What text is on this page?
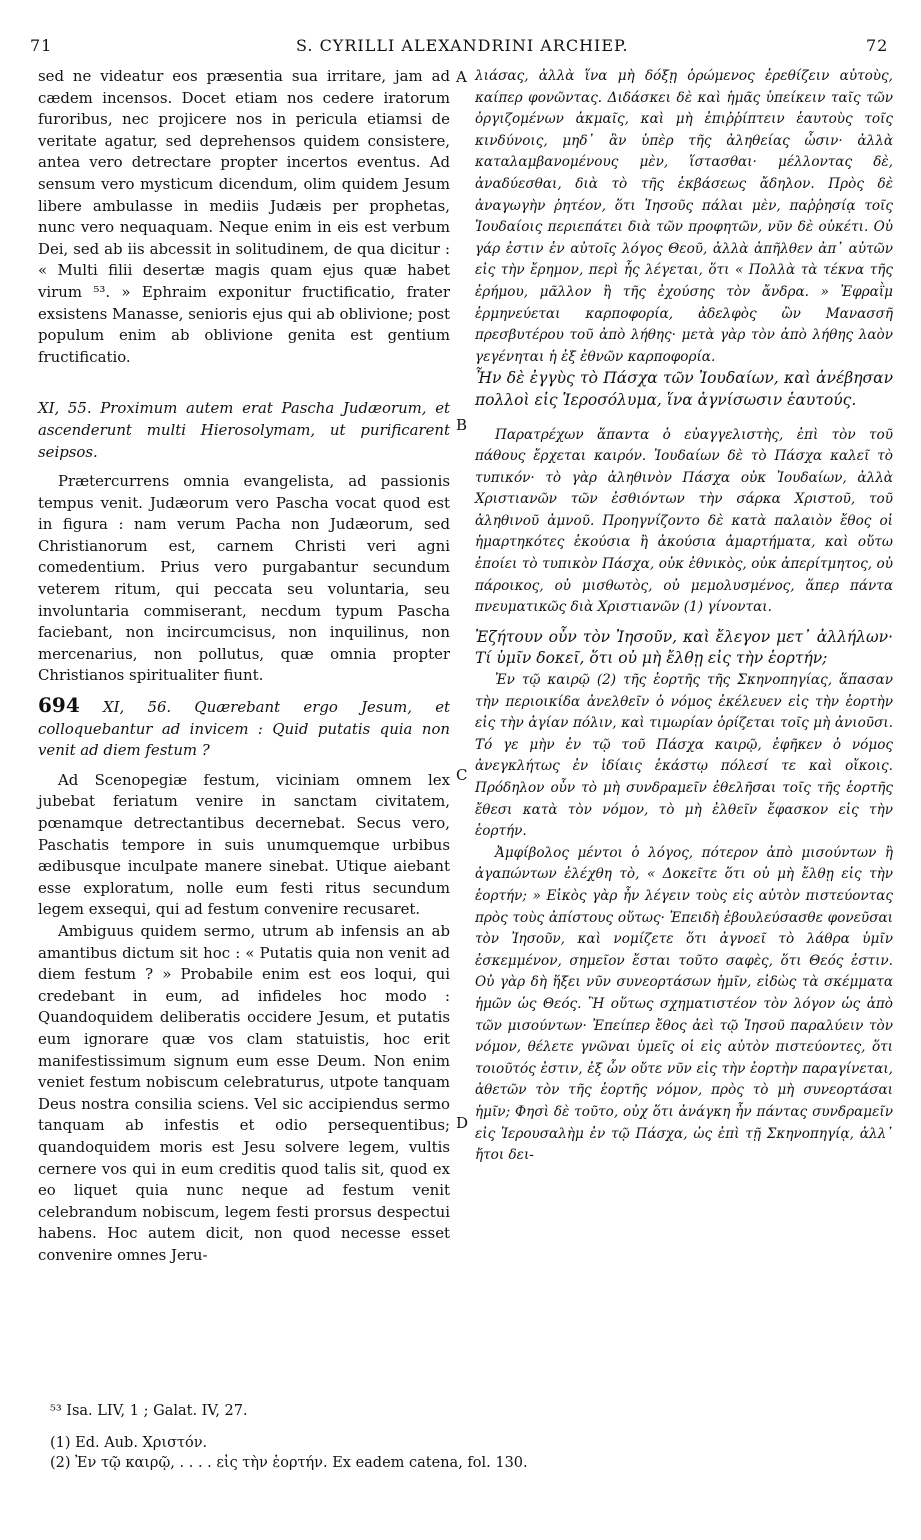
71	S. CYRILLI ALEXANDRINI ARCHIEP.	72

sed ne videatur eos præsentia sua irritare, jam ad cædem incensos. Docet etiam nos cedere iratorum furoribus, nec projicere nos in pericula etiamsi de veritate agatur, sed deprehensos quidem consistere, antea vero detrectare propter incertos eventus. Ad sensum vero mysticum dicendum, olim quidem Jesum libere ambulasse in mediis Judæis per prophetas, nunc vero nequaquam. Neque enim in eis est verbum Dei, sed ab iis abcessit in solitudinem, de qua dicitur : « Multi filii desertæ magis quam ejus quæ habet virum ⁵³. » Ephraim exponitur fructificatio, frater exsistens Manasse, senioris ejus qui ab oblivione; post populum enim ab oblivione genita est gentium fructificatio.

XI, 55. Proximum autem erat Pascha Judæorum, et ascenderunt multi Hierosolymam, ut purificarent seipsos.

Prætercurrens omnia evangelista, ad passionis tempus venit. Judæorum vero Pascha vocat quod est in figura : nam verum Pacha non Judæorum, sed Christianorum est, carnem Christi veri agni comedentium. Prius vero purgabantur secundum veterem ritum, qui peccata seu voluntaria, seu involuntaria commiserant, necdum typum Pascha faciebant, non incircumcisus, non inquilinus, non mercenarius, non pollutus, quæ omnia propter Christianos spiritualiter fiunt.

694 XI, 56. Quærebant ergo Jesum, et colloquebantur ad invicem : Quid putatis quia non venit ad diem festum ?

Ad Scenopegiæ festum, viciniam omnem lex jubebat feriatum venire in sanctam civitatem, pœnamque detrectantibus decernebat. Secus vero, Paschatis tempore in suis unumquemque urbibus ædibusque inculpate manere sinebat. Utique aiebant esse exploratum, nolle eum festi ritus secundum legem exsequi, qui ad festum convenire recusaret.

Ambiguus quidem sermo, utrum ab infensis an ab amantibus dictum sit hoc : « Putatis quia non venit ad diem festum ? » Probabile enim est eos loqui, qui credebant in eum, ad infideles hoc modo : Quandoquidem deliberatis occidere Jesum, et putatis eum ignorare quæ vos clam statuistis, hoc erit manifestissimum signum eum esse Deum. Non enim veniet festum nobiscum celebraturus, utpote tanquam Deus nostra consilia sciens. Vel sic accipiendus sermo tanquam ab infestis et odio persequentibus; quandoquidem moris est Jesu solvere legem, vultis cernere vos qui in eum creditis quod talis sit, quod ex eo liquet quia nunc neque ad festum venit celebrandum nobiscum, legem festi prorsus despectui habens. Hoc autem dicit, non quod necesse esset convenire omnes Jeru-

A
B
C
D

λιάσας, ἀλλὰ ἵνα μὴ δόξῃ ὁρώμενος ἐρεθίζειν αὐτοὺς, καίπερ φονῶντας. Διδάσκει δὲ καὶ ἡμᾶς ὑπείκειν ταῖς τῶν ὀργιζομένων ἀκμαῖς, καὶ μὴ ἐπιῤῥίπτειν ἑαυτοὺς τοῖς κινδύνοις, μηδ᾽ ἂν ὑπὲρ τῆς ἀληθείας ὦσιν· ἀλλὰ καταλαμβανομένους μὲν, ἵστασθαι· μέλλοντας δὲ, ἀναδύεσθαι, διὰ τὸ τῆς ἐκβάσεως ἄδηλον. Πρὸς δὲ ἀναγωγὴν ῥητέον, ὅτι Ἰησοῦς πάλαι μὲν, παῤῥησίᾳ τοῖς Ἰουδαίοις περιεπάτει διὰ τῶν προφητῶν, νῦν δὲ οὐκέτι. Οὐ γάρ ἐστιν ἐν αὐτοῖς λόγος Θεοῦ, ἀλλὰ ἀπῆλθεν ἀπ᾽ αὐτῶν εἰς τὴν ἔρημον, περὶ ἧς λέγεται, ὅτι « Πολλὰ τὰ τέκνα τῆς ἐρήμου, μᾶλλον ἢ τῆς ἐχούσης τὸν ἄνδρα. » Ἐφραῒμ ἑρμηνεύεται καρποφορία, ἀδελφὸς ὢν Μανασσῆ πρεσβυτέρου τοῦ ἀπὸ λήθης· μετὰ γὰρ τὸν ἀπὸ λήθης λαὸν γεγένηται ἡ ἐξ ἐθνῶν καρποφορία.

Ἦν δὲ ἐγγὺς τὸ Πάσχα τῶν Ἰουδαίων, καὶ ἀνέβησαν πολλοὶ εἰς Ἱεροσόλυμα, ἵνα ἁγνίσωσιν ἑαυτούς.

Παρατρέχων ἅπαντα ὁ εὐαγγελιστὴς, ἐπὶ τὸν τοῦ πάθους ἔρχεται καιρόν. Ἰουδαίων δὲ τὸ Πάσχα καλεῖ τὸ τυπικόν· τὸ γὰρ ἀληθινὸν Πάσχα οὐκ Ἰουδαίων, ἀλλὰ Χριστιανῶν τῶν ἐσθιόντων τὴν σάρκα Χριστοῦ, τοῦ ἀληθινοῦ ἀμνοῦ. Προηγνίζοντο δὲ κατὰ παλαιὸν ἔθος οἱ ἡμαρτηκότες ἑκούσια ἢ ἀκούσια ἁμαρτήματα, καὶ οὕτω ἐποίει τὸ τυπικὸν Πάσχα, οὐκ ἐθνικὸς, οὐκ ἀπερίτμητος, οὐ πάροικος, οὐ μισθωτὸς, οὐ μεμολυσμένος, ἅπερ πάντα πνευματικῶς διὰ Χριστιανῶν (1) γίνονται.

Ἐζήτουν οὖν τὸν Ἰησοῦν, καὶ ἔλεγον μετ᾽ ἀλλήλων· Τί ὑμῖν δοκεῖ, ὅτι οὐ μὴ ἔλθῃ εἰς τὴν ἑορτήν;

Ἐν τῷ καιρῷ (2) τῆς ἑορτῆς τῆς Σκηνοπηγίας, ἅπασαν τὴν περιοικίδα ἀνελθεῖν ὁ νόμος ἐκέλευεν εἰς τὴν ἑορτὴν εἰς τὴν ἁγίαν πόλιν, καὶ τιμωρίαν ὁρίζεται τοῖς μὴ ἀνιοῦσι. Τό γε μὴν ἐν τῷ τοῦ Πάσχα καιρῷ, ἐφῆκεν ὁ νόμος ἀνεγκλήτως ἐν ἰδίαις ἑκάστῳ πόλεσί τε καὶ οἴκοις. Πρόδηλον οὖν τὸ μὴ συνδραμεῖν ἐθελῆσαι τοῖς τῆς ἑορτῆς ἔθεσι κατὰ τὸν νόμον, τὸ μὴ ἐλθεῖν ἔφασκον εἰς τὴν ἑορτήν.

Ἀμφίβολος μέντοι ὁ λόγος, πότερον ἀπὸ μισούντων ἢ ἀγαπώντων ἐλέχθη τὸ, « Δοκεῖτε ὅτι οὐ μὴ ἔλθῃ εἰς τὴν ἑορτήν; » Εἰκὸς γὰρ ἦν λέγειν τοὺς εἰς αὐτὸν πιστεύοντας πρὸς τοὺς ἀπίστους οὕτως· Ἐπειδὴ ἐβουλεύσασθε φονεῦσαι τὸν Ἰησοῦν, καὶ νομίζετε ὅτι ἀγνοεῖ τὸ λάθρα ὑμῖν ἐσκεμμένον, σημεῖον ἔσται τοῦτο σαφὲς, ὅτι Θεός ἐστιν. Οὐ γὰρ δὴ ἥξει νῦν συνεορτάσων ἡμῖν, εἰδὼς τὰ σκέμματα ἡμῶν ὡς Θεός. Ἢ οὕτως σχηματιστέον τὸν λόγον ὡς ἀπὸ τῶν μισούντων· Ἐπείπερ ἔθος ἀεὶ τῷ Ἰησοῦ παραλύειν τὸν νόμον, θέλετε γνῶναι ὑμεῖς οἱ εἰς αὐτὸν πιστεύοντες, ὅτι τοιοῦτός ἐστιν, ἐξ ὧν οὔτε νῦν εἰς τὴν ἑορτὴν παραγίνεται, ἀθετῶν τὸν τῆς ἑορτῆς νόμον, πρὸς τὸ μὴ συνεορτάσαι ἡμῖν; Φησὶ δὲ τοῦτο, οὐχ ὅτι ἀνάγκη ἦν πάντας συνδραμεῖν εἰς Ἱερουσαλὴμ ἐν τῷ Πάσχα, ὡς ἐπὶ τῇ Σκηνοπηγίᾳ, ἀλλ᾽ ἤτοι δει-

⁵³ Isa. LIV, 1 ; Galat. IV, 27.
(1) Ed. Aub. Χριστόν.
(2) Ἐν τῷ καιρῷ, . . . . εἰς τὴν ἑορτήν. Ex eadem catena, fol. 130.
